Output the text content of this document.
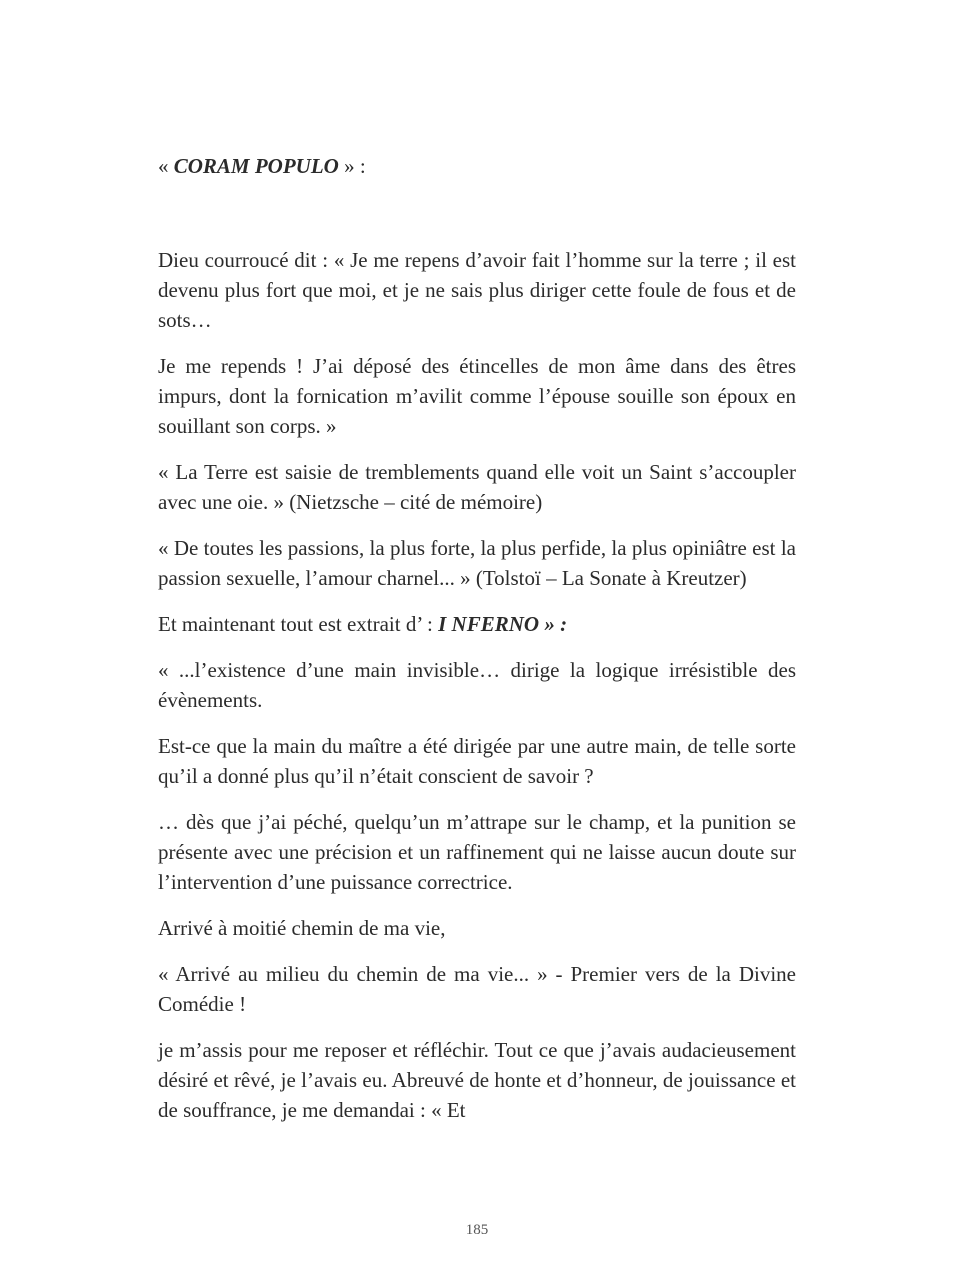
« CORAM POPULO » :

Dieu courroucé dit : « Je me repens d’avoir fait l’homme sur la terre ; il est devenu plus fort que moi, et je ne sais plus diriger cette foule de fous et de sots…

Je me repends ! J’ai déposé des étincelles de mon âme dans des êtres impurs, dont la fornication m’avilit comme l’épouse souille son époux en souillant son corps. »

« La Terre est saisie de tremblements quand elle voit un Saint s’accoupler avec une oie. » (Nietzsche – cité de mémoire)

« De toutes les passions, la plus forte, la plus perfide, la plus opiniâtre est la passion sexuelle, l’amour charnel... » (Tolstoï – La Sonate à Kreutzer)

Et maintenant tout est extrait d’ : I NFERNO » :

« ...l’existence d’une main invisible… dirige la logique irrésistible des évènements.

Est-ce que la main du maître a été dirigée par une autre main, de telle sorte qu’il a donné plus qu’il n’était conscient de savoir ?

… dès que j’ai péché, quelqu’un m’attrape sur le champ, et la punition se présente avec une précision et un raffinement qui ne laisse aucun doute sur l’intervention d’une puissance correctrice.

Arrivé à moitié chemin de ma vie,

« Arrivé au milieu du chemin de ma vie... » - Premier vers de la Divine Comédie !

je m’assis pour me reposer et réfléchir. Tout ce que j’avais audacieusement désiré et rêvé, je l’avais eu. Abreuvé de honte et d’honneur, de jouissance et de souffrance, je me demandai : « Et

185
